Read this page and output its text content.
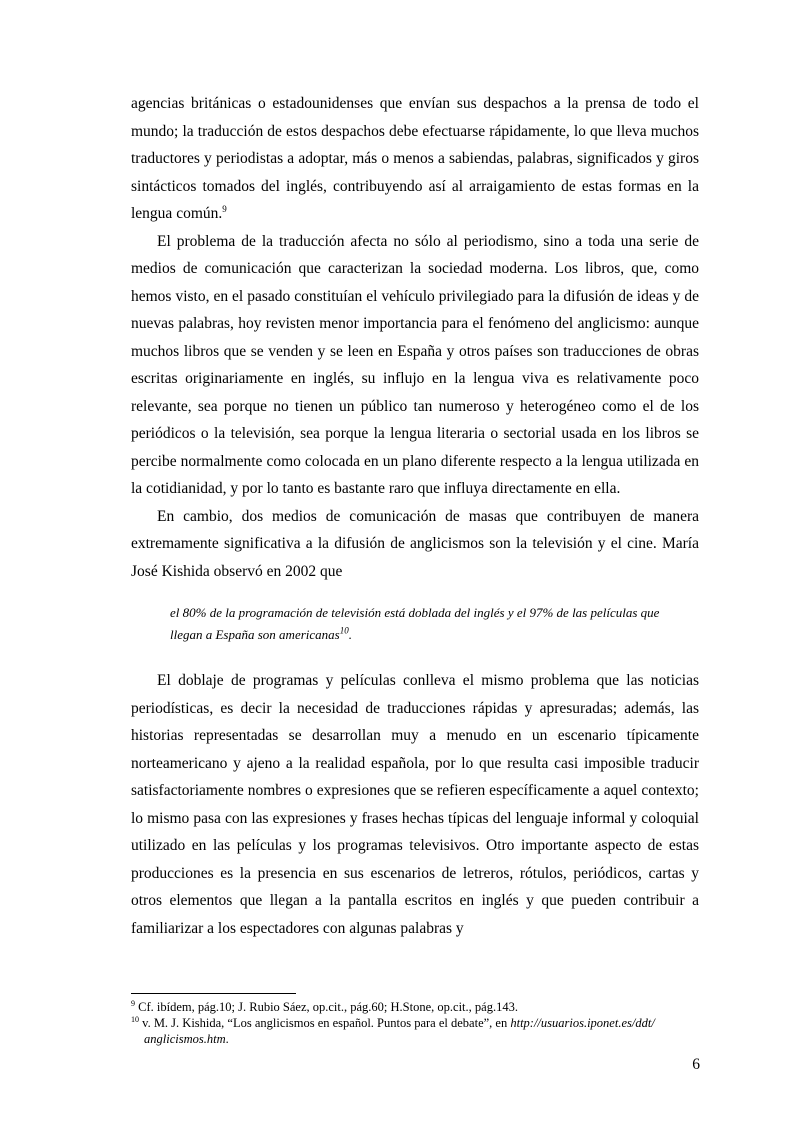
agencias británicas o estadounidenses que envían sus despachos a la prensa de todo el mundo; la traducción de estos despachos debe efectuarse rápidamente, lo que lleva muchos traductores y periodistas a adoptar, más o menos a sabiendas, palabras, significados y giros sintácticos tomados del inglés, contribuyendo así al arraigamiento de estas formas en la lengua común.$^9$

El problema de la traducción afecta no sólo al periodismo, sino a toda una serie de medios de comunicación que caracterizan la sociedad moderna. Los libros, que, como hemos visto, en el pasado constituían el vehículo privilegiado para la difusión de ideas y de nuevas palabras, hoy revisten menor importancia para el fenómeno del anglicismo: aunque muchos libros que se venden y se leen en España y otros países son traducciones de obras escritas originariamente en inglés, su influjo en la lengua viva es relativamente poco relevante, sea porque no tienen un público tan numeroso y heterogéneo como el de los periódicos o la televisión, sea porque la lengua literaria o sectorial usada en los libros se percibe normalmente como colocada en un plano diferente respecto a la lengua utilizada en la cotidianidad, y por lo tanto es bastante raro que influya directamente en ella.

En cambio, dos medios de comunicación de masas que contribuyen de manera extremamente significativa a la difusión de anglicismos son la televisión y el cine. María José Kishida observó en 2002 que

el 80% de la programación de televisión está doblada del inglés y el 97% de las películas que llegan a España son americanas$^{10}$.

El doblaje de programas y películas conlleva el mismo problema que las noticias periodísticas, es decir la necesidad de traducciones rápidas y apresuradas; además, las historias representadas se desarrollan muy a menudo en un escenario típicamente norteamericano y ajeno a la realidad española, por lo que resulta casi imposible traducir satisfactoriamente nombres o expresiones que se refieren específicamente a aquel contexto; lo mismo pasa con las expresiones y frases hechas típicas del lenguaje informal y coloquial utilizado en las películas y los programas televisivos. Otro importante aspecto de estas producciones es la presencia en sus escenarios de letreros, rótulos, periódicos, cartas y otros elementos que llegan a la pantalla escritos en inglés y que pueden contribuir a familiarizar a los espectadores con algunas palabras y

$^9$ Cf. ibídem, pág.10; J. Rubio Sáez, op.cit., pág.60; H.Stone, op.cit., pág.143.

$^{10}$ v. M. J. Kishida, “Los anglicismos en español. Puntos para el debate”, en http://usuarios.iponet.es/ddt/ anglicismos.htm.

6
